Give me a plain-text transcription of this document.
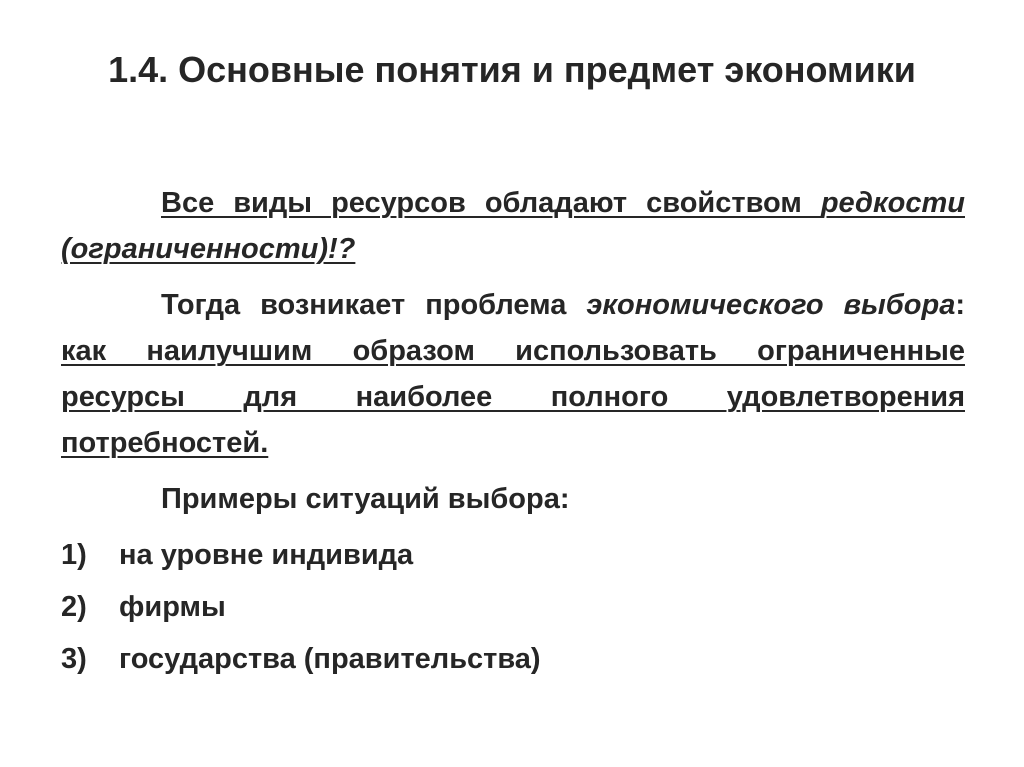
1.4. Основные понятия и предмет экономики

Все виды ресурсов обладают свойством редкости (ограниченности)!?

Тогда возникает проблема экономического выбора: как наилучшим образом использовать ограниченные ресурсы для наиболее полного удовлетворения потребностей.

Примеры ситуаций выбора:

1)	на уровне индивида
2)	фирмы
3)	государства (правительства)
